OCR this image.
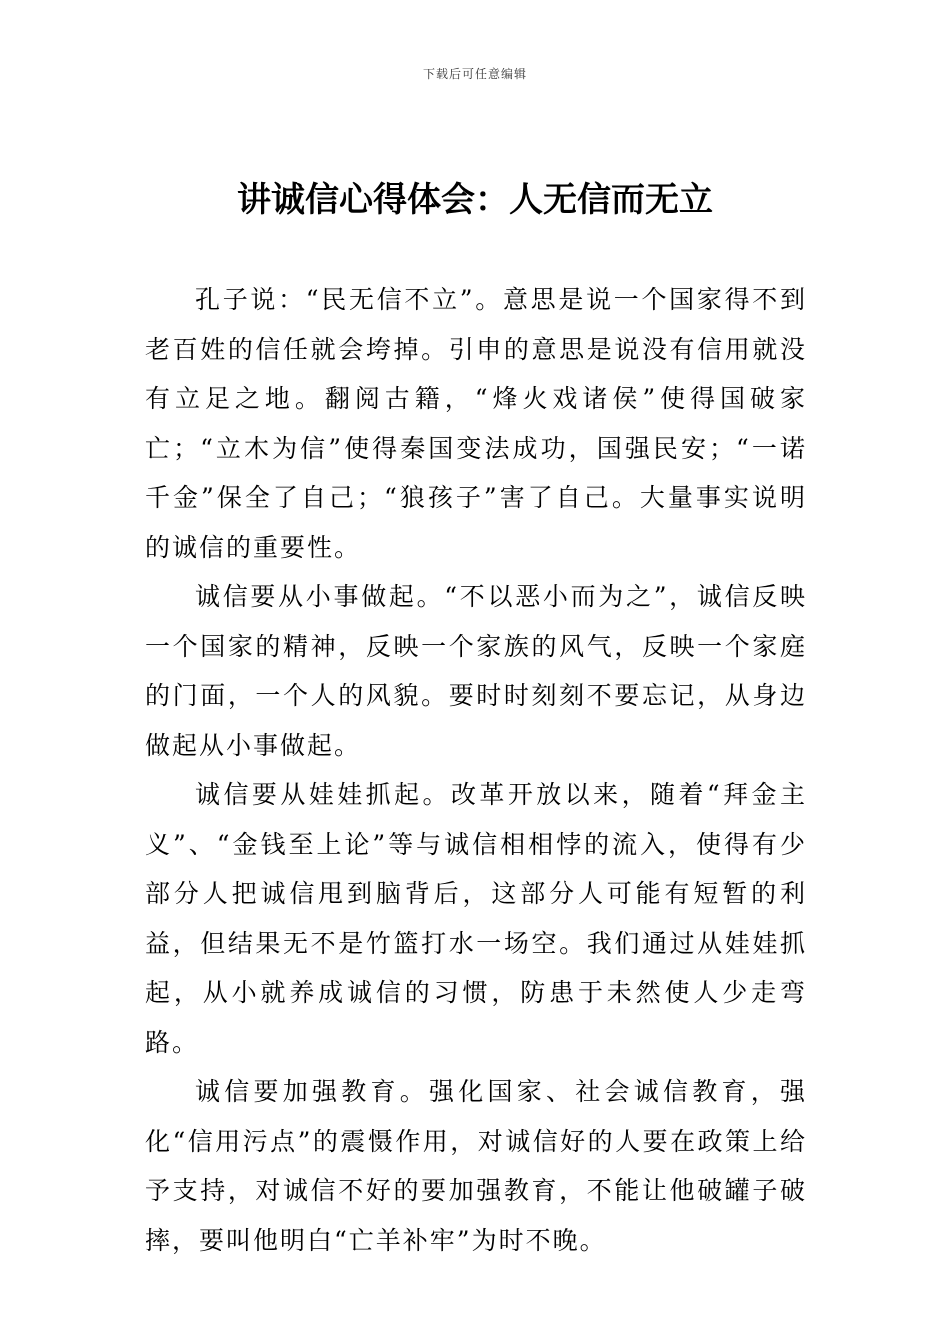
下载后可任意编辑
讲诚信心得体会：人无信而无立

孔子说：“民无信不立”。意思是说一个国家得不到老百姓的信任就会垮掉。引申的意思是说没有信用就没有立足之地。翻阅古籍，“烽火戏诸侯”使得国破家亡；“立木为信”使得秦国变法成功，国强民安；“一诺千金”保全了自己；“狼孩子”害了自己。大量事实说明的诚信的重要性。

诚信要从小事做起。“不以恶小而为之”，诚信反映一个国家的精神，反映一个家族的风气，反映一个家庭的门面，一个人的风貌。要时时刻刻不要忘记，从身边做起从小事做起。

诚信要从娃娃抓起。改革开放以来，随着“拜金主义”、“金钱至上论”等与诚信相相悖的流入，使得有少部分人把诚信甩到脑背后，这部分人可能有短暂的利益，但结果无不是竹篮打水一场空。我们通过从娃娃抓起，从小就养成诚信的习惯，防患于未然使人少走弯路。

诚信要加强教育。强化国家、社会诚信教育，强化“信用污点”的震慑作用，对诚信好的人要在政策上给予支持，对诚信不好的要加强教育，不能让他破罐子破摔，要叫他明白“亡羊补牢”为时不晚。
